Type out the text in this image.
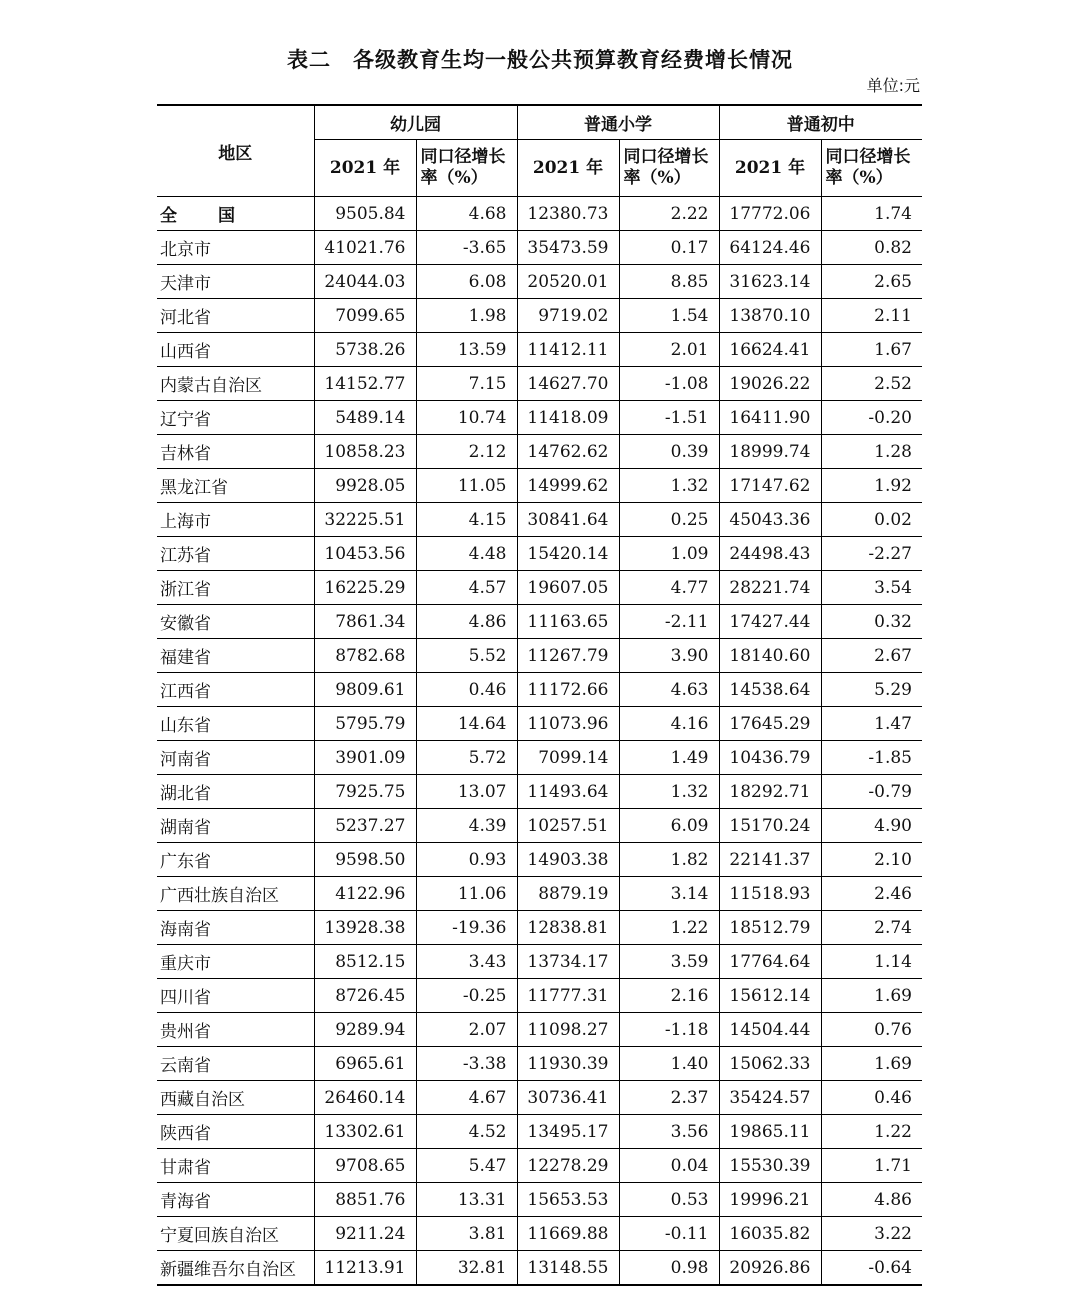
表二　各级教育生均一般公共预算教育经费增长情况
单位:元
地区	幼儿园		普通小学		普通初中	
	2021 年	同口径增长率（%）	2021 年	同口径增长率（%）	2021 年	同口径增长率（%）
全　国	9505.84	4.68	12380.73	2.22	17772.06	1.74
北京市	41021.76	-3.65	35473.59	0.17	64124.46	0.82
天津市	24044.03	6.08	20520.01	8.85	31623.14	2.65
河北省	7099.65	1.98	9719.02	1.54	13870.10	2.11
山西省	5738.26	13.59	11412.11	2.01	16624.41	1.67
内蒙古自治区	14152.77	7.15	14627.70	-1.08	19026.22	2.52
辽宁省	5489.14	10.74	11418.09	-1.51	16411.90	-0.20
吉林省	10858.23	2.12	14762.62	0.39	18999.74	1.28
黑龙江省	9928.05	11.05	14999.62	1.32	17147.62	1.92
上海市	32225.51	4.15	30841.64	0.25	45043.36	0.02
江苏省	10453.56	4.48	15420.14	1.09	24498.43	-2.27
浙江省	16225.29	4.57	19607.05	4.77	28221.74	3.54
安徽省	7861.34	4.86	11163.65	-2.11	17427.44	0.32
福建省	8782.68	5.52	11267.79	3.90	18140.60	2.67
江西省	9809.61	0.46	11172.66	4.63	14538.64	5.29
山东省	5795.79	14.64	11073.96	4.16	17645.29	1.47
河南省	3901.09	5.72	7099.14	1.49	10436.79	-1.85
湖北省	7925.75	13.07	11493.64	1.32	18292.71	-0.79
湖南省	5237.27	4.39	10257.51	6.09	15170.24	4.90
广东省	9598.50	0.93	14903.38	1.82	22141.37	2.10
广西壮族自治区	4122.96	11.06	8879.19	3.14	11518.93	2.46
海南省	13928.38	-19.36	12838.81	1.22	18512.79	2.74
重庆市	8512.15	3.43	13734.17	3.59	17764.64	1.14
四川省	8726.45	-0.25	11777.31	2.16	15612.14	1.69
贵州省	9289.94	2.07	11098.27	-1.18	14504.44	0.76
云南省	6965.61	-3.38	11930.39	1.40	15062.33	1.69
西藏自治区	26460.14	4.67	30736.41	2.37	35424.57	0.46
陕西省	13302.61	4.52	13495.17	3.56	19865.11	1.22
甘肃省	9708.65	5.47	12278.29	0.04	15530.39	1.71
青海省	8851.76	13.31	15653.53	0.53	19996.21	4.86
宁夏回族自治区	9211.24	3.81	11669.88	-0.11	16035.82	3.22
新疆维吾尔自治区	11213.91	32.81	13148.55	0.98	20926.86	-0.64
